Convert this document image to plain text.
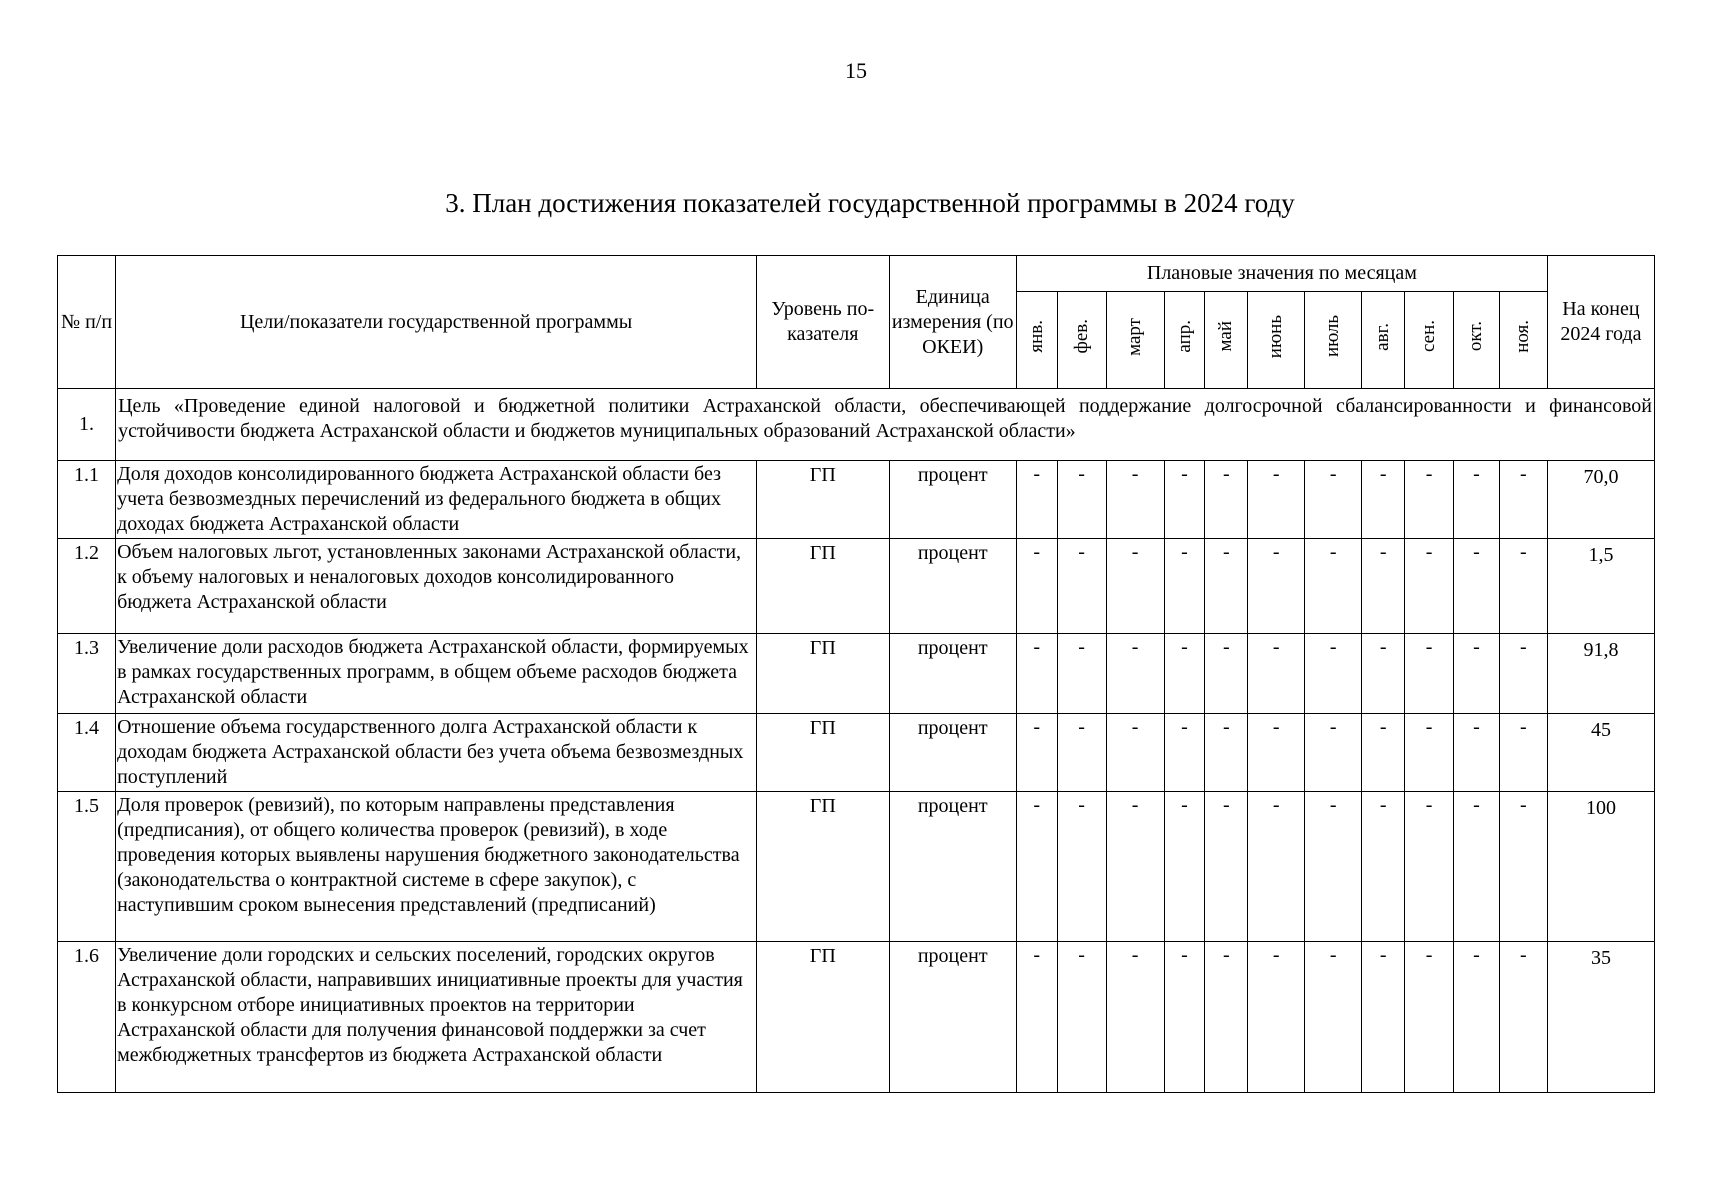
15
3. План достижения показателей государственной программы в 2024 году
№ п/п	Цели/показатели государственной программы	Уровень по-казателя	Единица измерения (по ОКЕИ)	Плановые значения по месяцам											На конец 2024 года
				янв.	фев.	март	апр.	май	июнь	июль	авг.	сен.	окт.	ноя.	
1.	Цель «Проведение единой налоговой и бюджетной политики Астраханской области, обеспечивающей поддержание долгосрочной сбалансированности и финансовой устойчивости бюджета Астраханской области и бюджетов муниципальных образований Астраханской области»														
1.1	Доля доходов консолидированного бюджета Астраханской области без учета безвозмездных перечислений из федерального бюджета в общих доходах бюджета Астраханской области	ГП	процент	-	-	-	-	-	-	-	-	-	-	-	70,0
1.2	Объем налоговых льгот, установленных законами Астраханской области, к объему налоговых и неналоговых доходов консолидированного бюджета Астраханской области	ГП	процент	-	-	-	-	-	-	-	-	-	-	-	1,5
1.3	Увеличение доли расходов бюджета Астраханской области, формируемых в рамках государственных программ, в общем объеме расходов бюджета Астраханской области	ГП	процент	-	-	-	-	-	-	-	-	-	-	-	91,8
1.4	Отношение объема государственного долга Астраханской области к доходам бюджета Астраханской области без учета объема безвозмездных поступлений	ГП	процент	-	-	-	-	-	-	-	-	-	-	-	45
1.5	Доля проверок (ревизий), по которым направлены представления (предписания), от общего количества проверок (ревизий), в ходе проведения которых выявлены нарушения бюджетного законодательства (законодательства о контрактной системе в сфере закупок), с наступившим сроком вынесения представлений (предписаний)	ГП	процент	-	-	-	-	-	-	-	-	-	-	-	100
1.6	Увеличение доли городских и сельских поселений, городских округов Астраханской области, направивших инициативные проекты для участия в конкурсном отборе инициативных проектов на территории Астраханской области для получения финансовой поддержки за счет межбюджетных трансфертов из бюджета Астраханской области	ГП	процент	-	-	-	-	-	-	-	-	-	-	-	35
